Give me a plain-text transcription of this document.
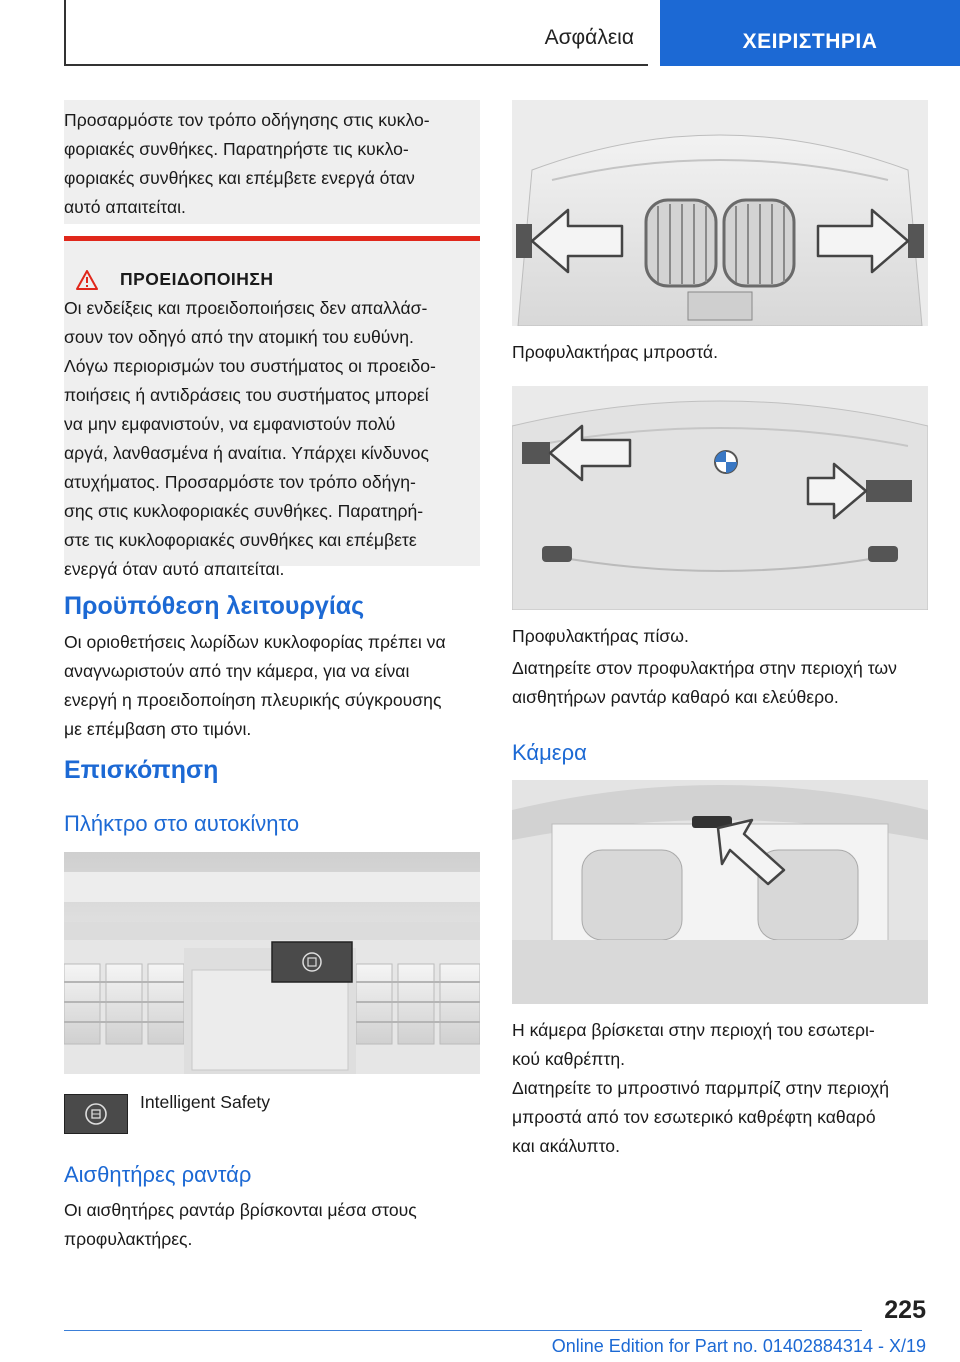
Ασφάλεια	ΧΕΙΡΙΣΤΗΡΙΑ
Προσαρμόστε τον τρόπο οδήγησης στις κυκλο-
φοριακές συνθήκες. Παρατηρήστε τις κυκλο-
φοριακές συνθήκες και επέμβετε ενεργά όταν
αυτό απαιτείται.
ΠΡΟΕΙΔΟΠΟΙΗΣΗ
Οι ενδείξεις και προειδοποιήσεις δεν απαλλάσ-
σουν τον οδηγό από την ατομική του ευθύνη.
Λόγω περιορισμών του συστήματος οι προειδο-
ποιήσεις ή αντιδράσεις του συστήματος μπορεί
να μην εμφανιστούν, να εμφανιστούν πολύ
αργά, λανθασμένα ή αναίτια. Υπάρχει κίνδυνος
ατυχήματος. Προσαρμόστε τον τρόπο οδήγη-
σης στις κυκλοφοριακές συνθήκες. Παρατηρή-
στε τις κυκλοφοριακές συνθήκες και επέμβετε
ενεργά όταν αυτό απαιτείται.
Προϋπόθεση λειτουργίας
Οι οριοθετήσεις λωρίδων κυκλοφορίας πρέπει να
αναγνωριστούν από την κάμερα, για να είναι
ενεργή η προειδοποίηση πλευρικής σύγκρουσης
με επέμβαση στο τιμόνι.
Επισκόπηση
Πλήκτρο στο αυτοκίνητο
Intelligent Safety
Αισθητήρες ραντάρ
Οι αισθητήρες ραντάρ βρίσκονται μέσα στους
προφυλακτήρες.
Προφυλακτήρας μπροστά.
Προφυλακτήρας πίσω.
Διατηρείτε στον προφυλακτήρα στην περιοχή των
αισθητήρων ραντάρ καθαρό και ελεύθερο.
Κάμερα
Η κάμερα βρίσκεται στην περιοχή του εσωτερι-
κού καθρέπτη.
Διατηρείτε το μπροστινό παρμπρίζ στην περιοχή
μπροστά από τον εσωτερικό καθρέφτη καθαρό
και ακάλυπτο.
225
Online Edition for Part no. 01402884314 - X/19
